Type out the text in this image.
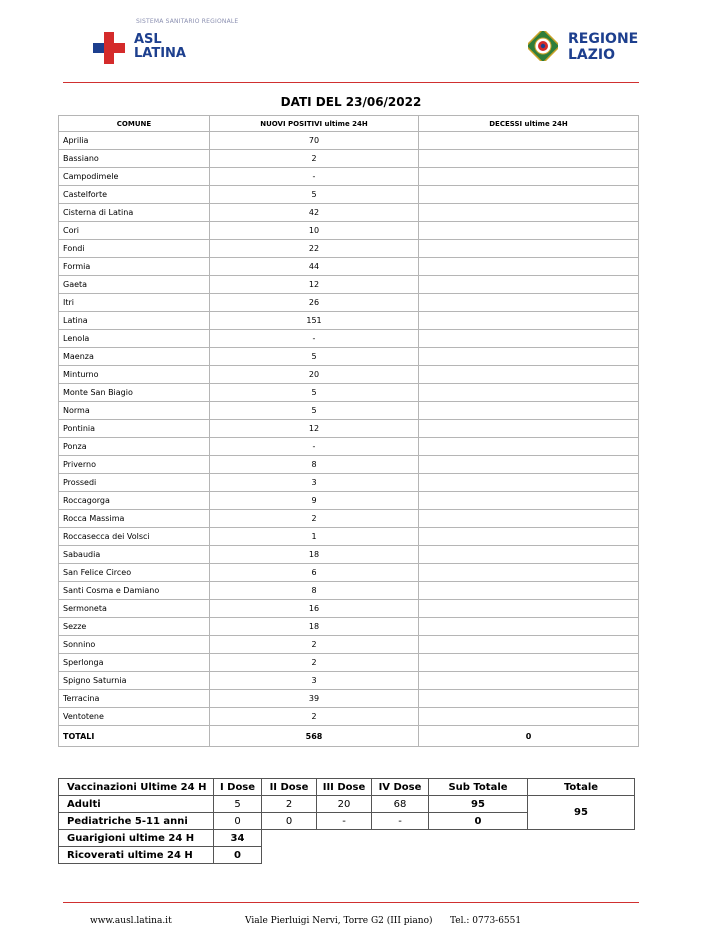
SISTEMA SANITARIO REGIONALE
ASL
LATINA
REGIONE
LAZIO
DATI DEL 23/06/2022
COMUNE	NUOVI POSITIVI ultime 24H	DECESSI ultime 24H
Aprilia	70	
Bassiano	2	
Campodimele	-	
Castelforte	5	
Cisterna di Latina	42	
Cori	10	
Fondi	22	
Formia	44	
Gaeta	12	
Itri	26	
Latina	151	
Lenola	-	
Maenza	5	
Minturno	20	
Monte San Biagio	5	
Norma	5	
Pontinia	12	
Ponza	-	
Priverno	8	
Prossedi	3	
Roccagorga	9	
Rocca Massima	2	
Roccasecca dei Volsci	1	
Sabaudia	18	
San Felice Circeo	6	
Santi Cosma e Damiano	8	
Sermoneta	16	
Sezze	18	
Sonnino	2	
Sperlonga	2	
Spigno Saturnia	3	
Terracina	39	
Ventotene	2	
TOTALI	568	0
Vaccinazioni Ultime 24 H	I Dose	II Dose	III Dose	IV Dose	Sub Totale	Totale
Adulti	5	2	20	68	95	95
Pediatriche 5-11 anni	0	0	-	-	0	
Guarigioni ultime 24 H	34					
Ricoverati ultime 24 H	0					
www.ausl.latina.it	Viale Pierluigi Nervi, Torre G2 (III piano) Tel.: 0773-6551
